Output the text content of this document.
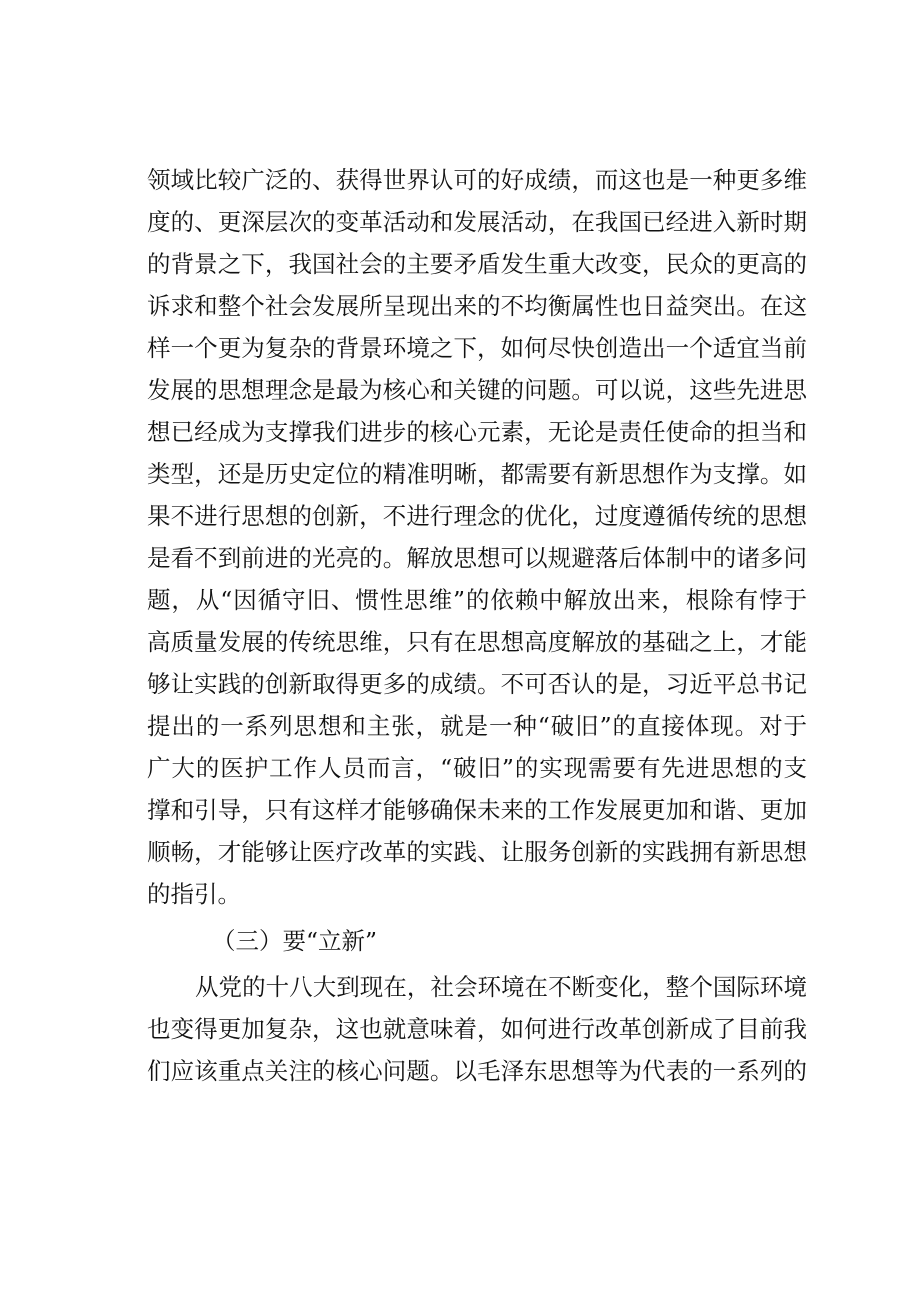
领域比较广泛的、获得世界认可的好成绩，而这也是一种更多维
度的、更深层次的变革活动和发展活动，在我国已经进入新时期
的背景之下，我国社会的主要矛盾发生重大改变，民众的更高的
诉求和整个社会发展所呈现出来的不均衡属性也日益突出。在这
样一个更为复杂的背景环境之下，如何尽快创造出一个适宜当前
发展的思想理念是最为核心和关键的问题。可以说，这些先进思
想已经成为支撑我们进步的核心元素，无论是责任使命的担当和
类型，还是历史定位的精准明晰，都需要有新思想作为支撑。如
果不进行思想的创新，不进行理念的优化，过度遵循传统的思想
是看不到前进的光亮的。解放思想可以规避落后体制中的诸多问
题，从“因循守旧、惯性思维”的依赖中解放出来，根除有悖于
高质量发展的传统思维，只有在思想高度解放的基础之上，才能
够让实践的创新取得更多的成绩。不可否认的是，习近平总书记
提出的一系列思想和主张，就是一种“破旧”的直接体现。对于
广大的医护工作人员而言，“破旧”的实现需要有先进思想的支
撑和引导，只有这样才能够确保未来的工作发展更加和谐、更加
顺畅，才能够让医疗改革的实践、让服务创新的实践拥有新思想
的指引。
（三）要“立新”
从党的十八大到现在，社会环境在不断变化，整个国际环境
也变得更加复杂，这也就意味着，如何进行改革创新成了目前我
们应该重点关注的核心问题。以毛泽东思想等为代表的一系列的
